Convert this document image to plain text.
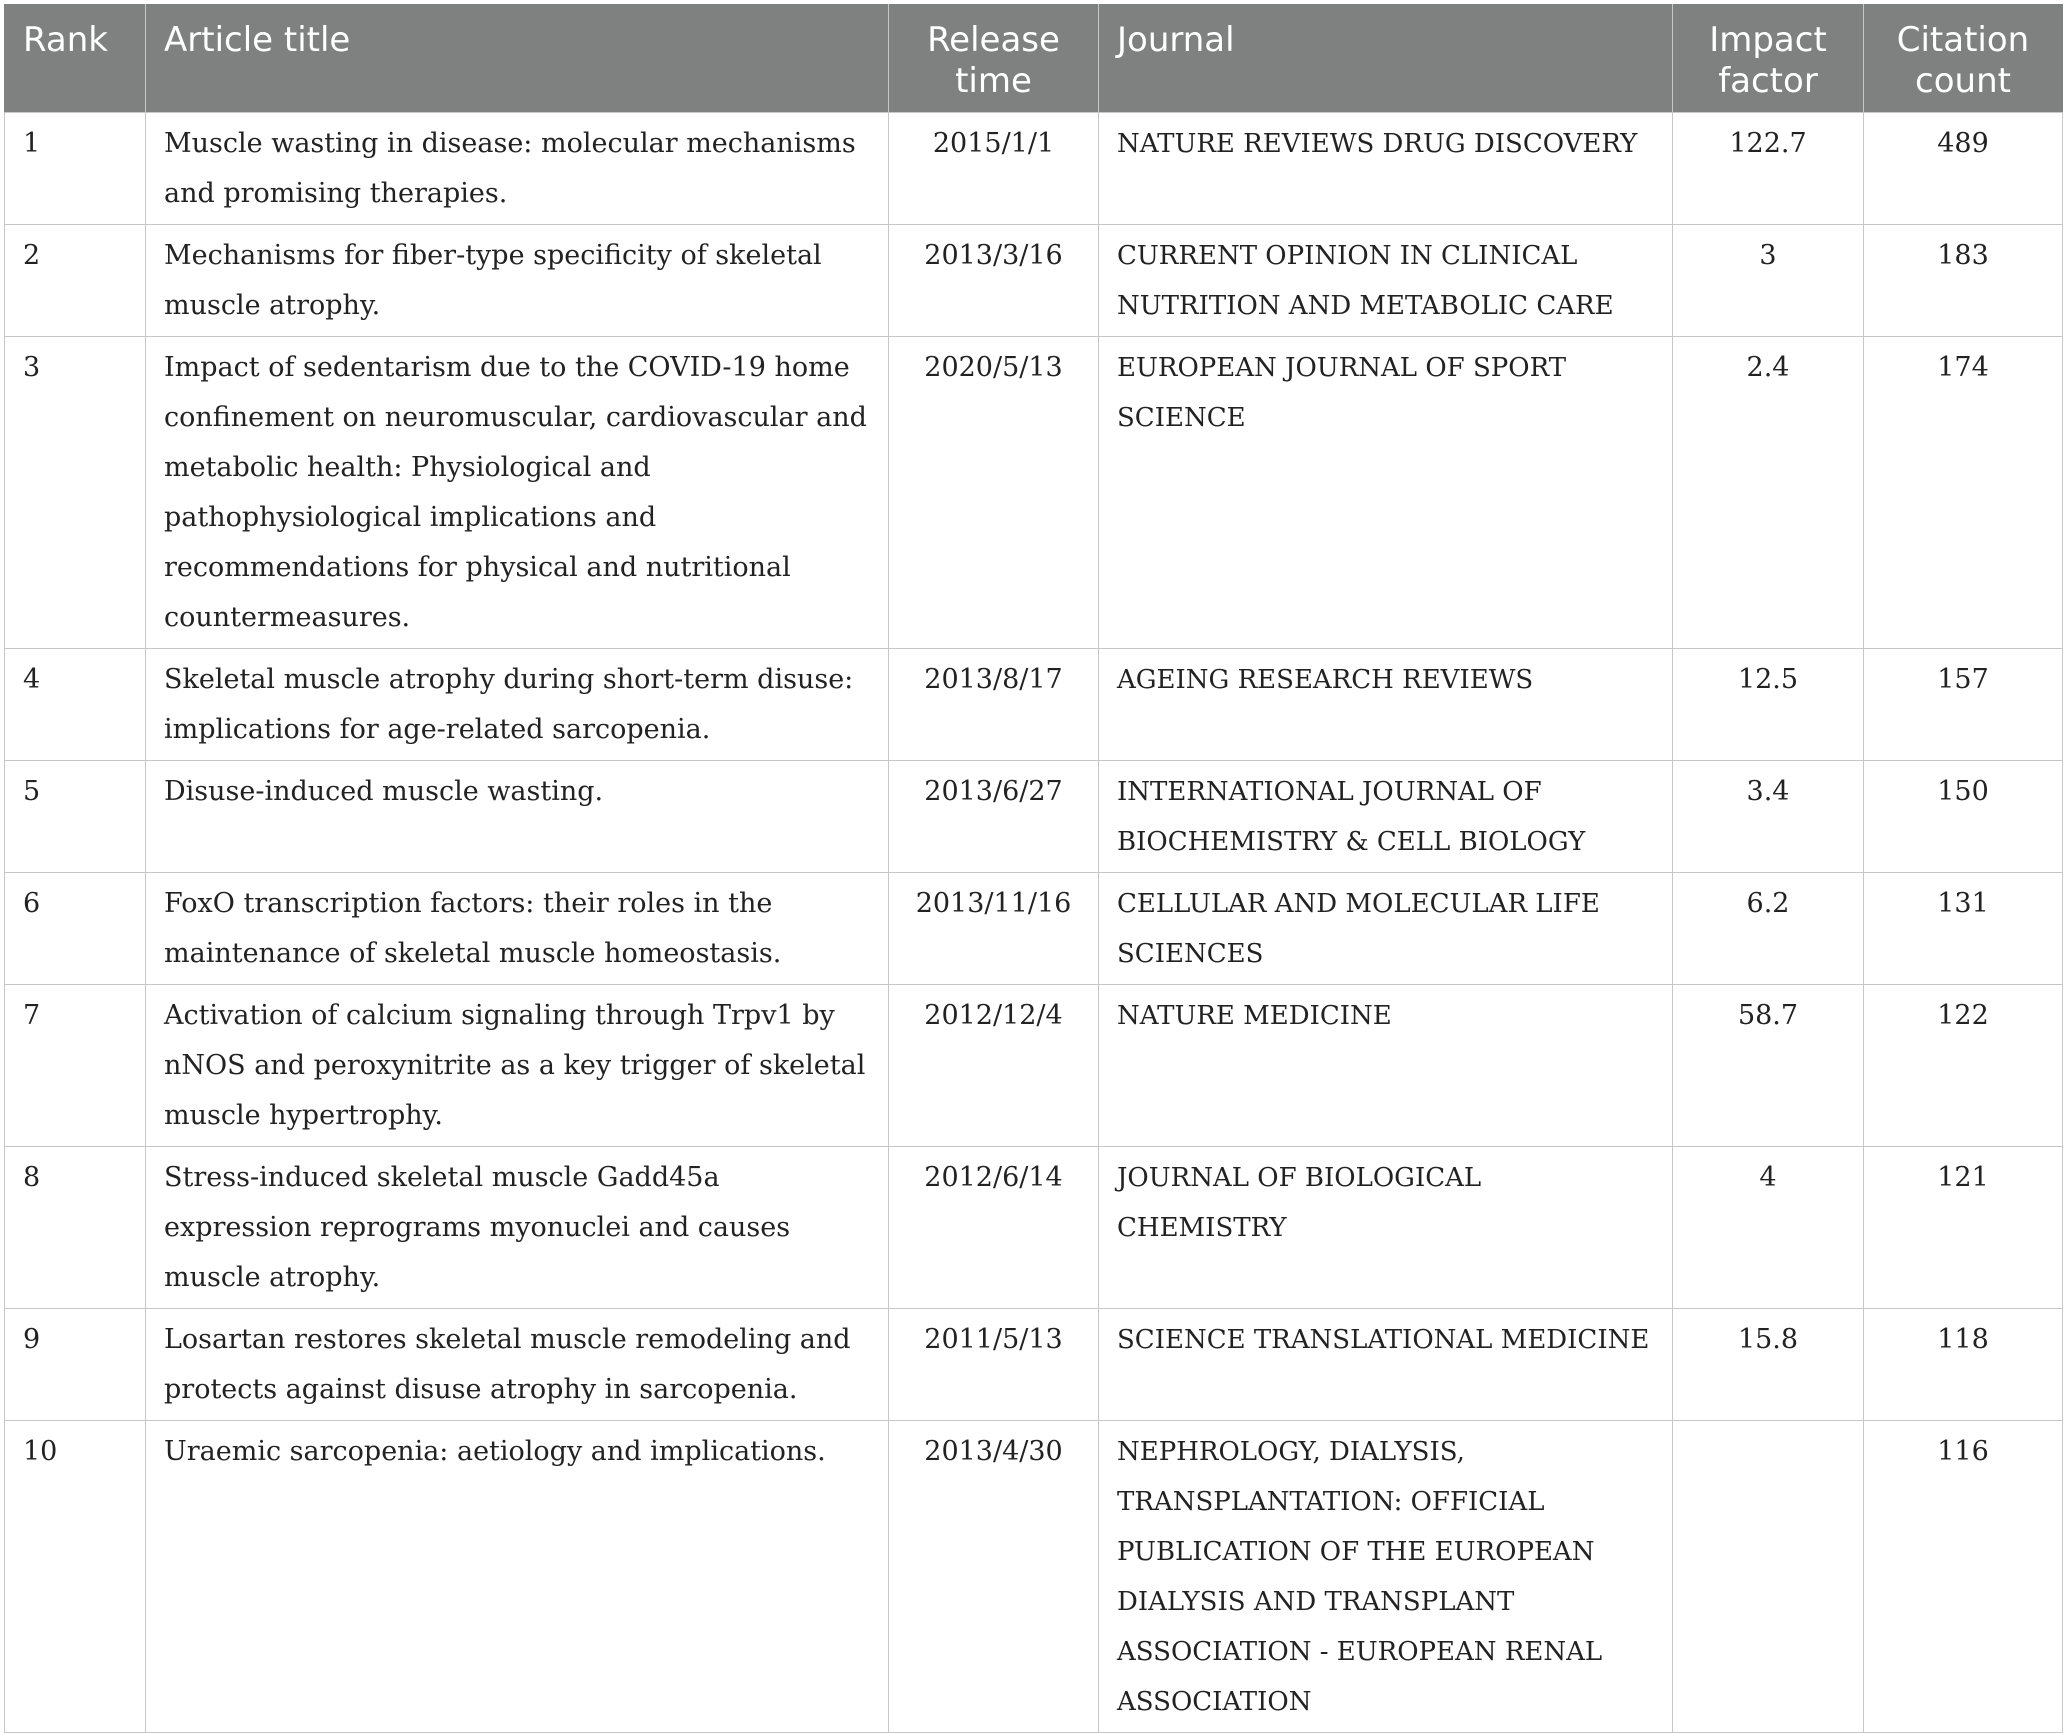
Rank	Article title	Release time	Journal	Impact factor	Citation count
1	Muscle wasting in disease: molecular mechanisms and promising therapies.	2015/1/1	NATURE REVIEWS DRUG DISCOVERY	122.7	489
2	Mechanisms for fiber-type specificity of skeletal muscle atrophy.	2013/3/16	CURRENT OPINION IN CLINICAL NUTRITION AND METABOLIC CARE	3	183
3	Impact of sedentarism due to the COVID-19 home confinement on neuromuscular, cardiovascular and metabolic health: Physiological and pathophysiological implications and recommendations for physical and nutritional countermeasures.	2020/5/13	EUROPEAN JOURNAL OF SPORT SCIENCE	2.4	174
4	Skeletal muscle atrophy during short-term disuse: implications for age-related sarcopenia.	2013/8/17	AGEING RESEARCH REVIEWS	12.5	157
5	Disuse-induced muscle wasting.	2013/6/27	INTERNATIONAL JOURNAL OF BIOCHEMISTRY & CELL BIOLOGY	3.4	150
6	FoxO transcription factors: their roles in the maintenance of skeletal muscle homeostasis.	2013/11/16	CELLULAR AND MOLECULAR LIFE SCIENCES	6.2	131
7	Activation of calcium signaling through Trpv1 by nNOS and peroxynitrite as a key trigger of skeletal muscle hypertrophy.	2012/12/4	NATURE MEDICINE	58.7	122
8	Stress-induced skeletal muscle Gadd45a expression reprograms myonuclei and causes muscle atrophy.	2012/6/14	JOURNAL OF BIOLOGICAL CHEMISTRY	4	121
9	Losartan restores skeletal muscle remodeling and protects against disuse atrophy in sarcopenia.	2011/5/13	SCIENCE TRANSLATIONAL MEDICINE	15.8	118
10	Uraemic sarcopenia: aetiology and implications.	2013/4/30	NEPHROLOGY, DIALYSIS, TRANSPLANTATION: OFFICIAL PUBLICATION OF THE EUROPEAN DIALYSIS AND TRANSPLANT ASSOCIATION - EUROPEAN RENAL ASSOCIATION		116
